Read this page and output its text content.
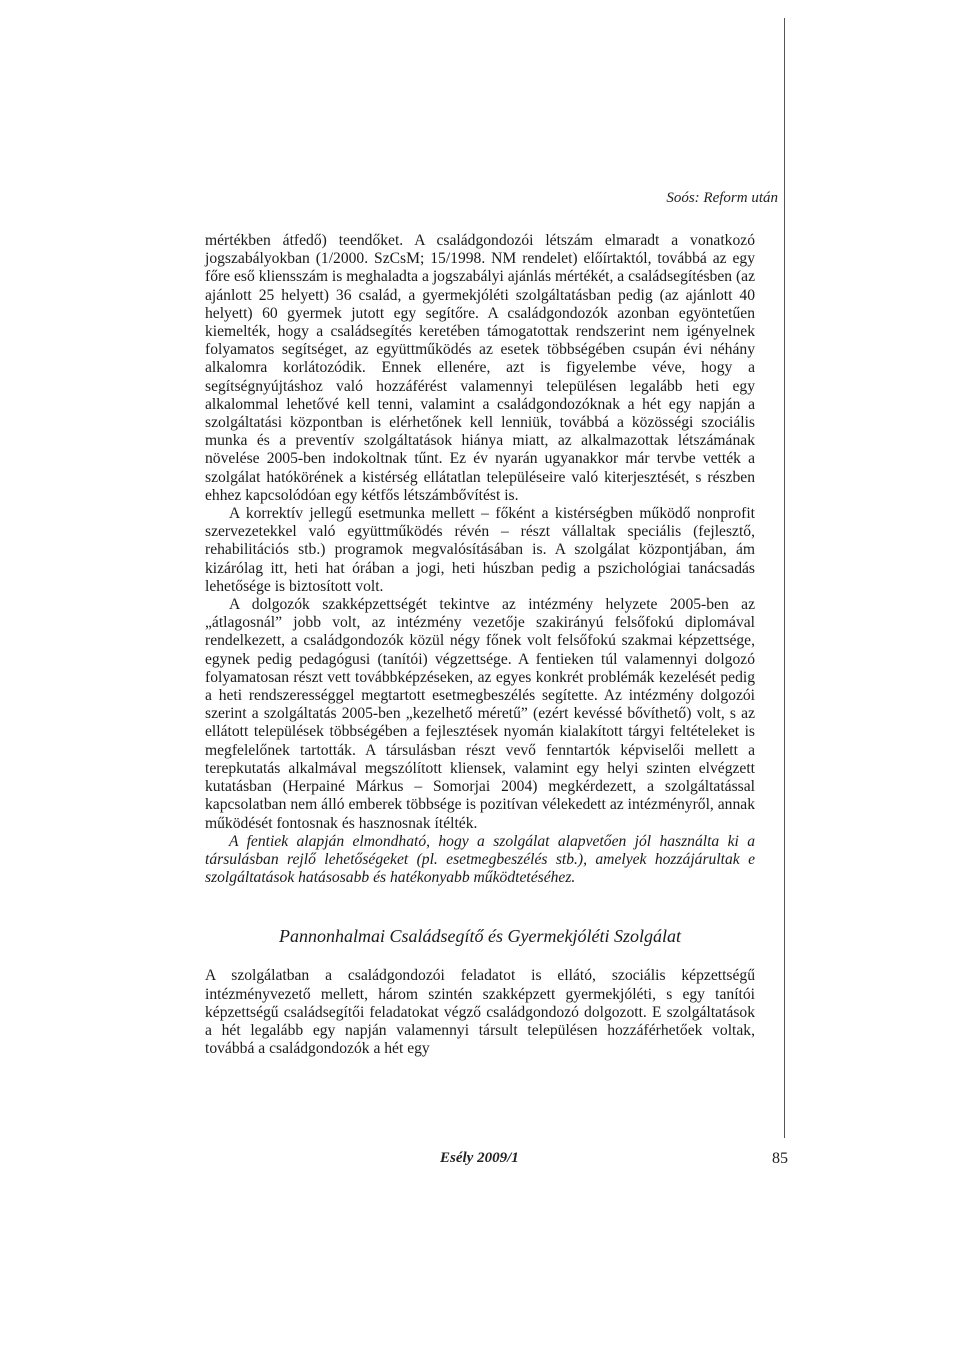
Soós: Reform után

mértékben átfedő) teendőket. A családgondozói létszám elmaradt a vonatkozó jogszabályokban (1/2000. SzCsM; 15/1998. NM rendelet) előírtaktól, továbbá az egy főre eső kliensszám is meghaladta a jogszabályi ajánlás mértékét, a családsegítésben (az ajánlott 25 helyett) 36 család, a gyermekjóléti szolgáltatásban pedig (az ajánlott 40 helyett) 60 gyermek jutott egy segítőre. A családgondozók azonban egyöntetűen kiemelték, hogy a családsegítés keretében támogatottak rendszerint nem igényelnek folyamatos segítséget, az együttműködés az esetek többségében csupán évi néhány alkalomra korlátozódik. Ennek ellenére, azt is figyelembe véve, hogy a segítségnyújtáshoz való hozzáférést valamennyi településen legalább heti egy alkalommal lehetővé kell tenni, valamint a családgondozóknak a hét egy napján a szolgáltatási központban is elérhetőnek kell lenniük, továbbá a közösségi szociális munka és a preventív szolgáltatások hiánya miatt, az alkalmazottak létszámának növelése 2005-ben indokoltnak tűnt. Ez év nyarán ugyanakkor már tervbe vették a szolgálat hatókörének a kistérség ellátatlan településeire való kiterjesztését, s részben ehhez kapcsolódóan egy kétfős létszámbővítést is.

A korrektív jellegű esetmunka mellett – főként a kistérségben működő nonprofit szervezetekkel való együttműködés révén – részt vállaltak speciális (fejlesztő, rehabilitációs stb.) programok megvalósításában is. A szolgálat központjában, ám kizárólag itt, heti hat órában a jogi, heti húszban pedig a pszichológiai tanácsadás lehetősége is biztosított volt.

A dolgozók szakképzettségét tekintve az intézmény helyzete 2005-ben az „átlagosnál” jobb volt, az intézmény vezetője szakirányú felsőfokú diplomával rendelkezett, a családgondozók közül négy főnek volt felsőfokú szakmai képzettsége, egynek pedig pedagógusi (tanítói) végzettsége. A fentieken túl valamennyi dolgozó folyamatosan részt vett továbbképzéseken, az egyes konkrét problémák kezelését pedig a heti rendszerességgel megtartott esetmegbeszélés segítette. Az intézmény dolgozói szerint a szolgáltatás 2005-ben „kezelhető méretű” (ezért kevéssé bővíthető) volt, s az ellátott települések többségében a fejlesztések nyomán kialakított tárgyi feltételeket is megfelelőnek tartották. A társulásban részt vevő fenntartók képviselői mellett a terepkutatás alkalmával megszólított kliensek, valamint egy helyi szinten elvégzett kutatásban (Herpainé Márkus – Somorjai 2004) megkérdezett, a szolgáltatással kapcsolatban nem álló emberek többsége is pozitívan vélekedett az intézményről, annak működését fontosnak és hasznosnak ítélték.

A fentiek alapján elmondható, hogy a szolgálat alapvetően jól használta ki a társulásban rejlő lehetőségeket (pl. esetmegbeszélés stb.), amelyek hozzájárultak e szolgáltatások hatásosabb és hatékonyabb működtetéséhez.

Pannonhalmai Családsegítő és Gyermekjóléti Szolgálat

A szolgálatban a családgondozói feladatot is ellátó, szociális képzettségű intézményvezető mellett, három szintén szakképzett gyermekjóléti, s egy tanítói képzettségű családsegítői feladatokat végző családgondozó dolgozott. E szolgáltatások a hét legalább egy napján valamennyi társult településen hozzáférhetőek voltak, továbbá a családgondozók a hét egy

Esély 2009/1	85
